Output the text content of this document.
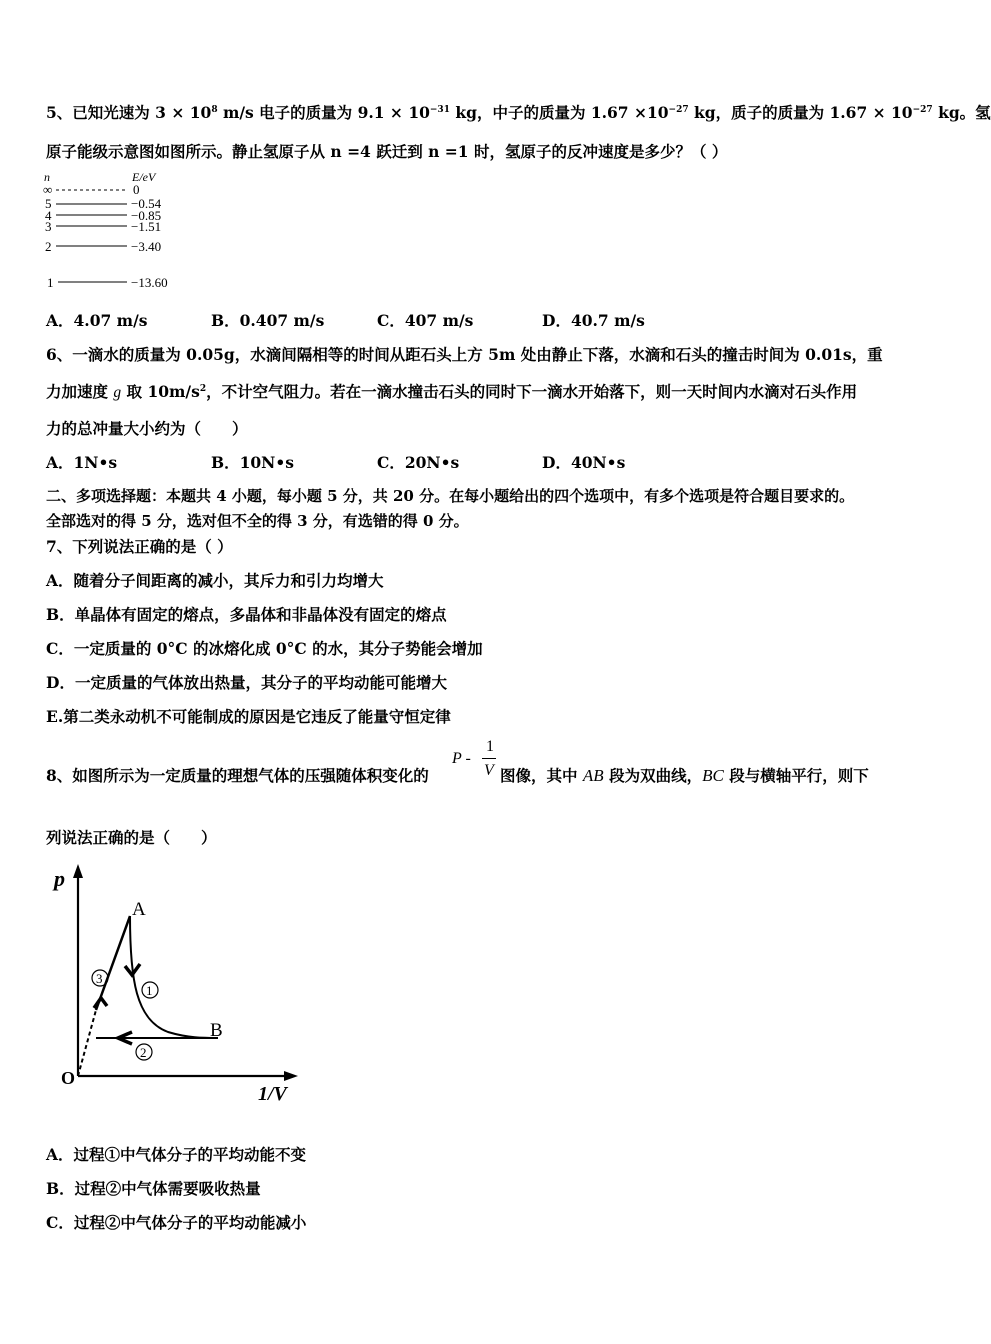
5、已知光速为 $3 \times 10^8$ m/s 电子的质量为 $9.1 \times 10^{-31}$ kg，中子的质量为 $1.67 \times 10^{-27}$ kg，质子的质量为 $1.67 \times 10^{-27}$ kg。氢
原子能级示意图如图所示。静止氢原子从 n =4 跃迁到 n =1 时，氢原子的反冲速度是多少？（ ）
n	E/eV
∞	0
5	−0.54
4	−0.85
3	−1.51
2	−3.40
1	−13.60
A．4.07 m/s	B．0.407 m/s	C．407 m/s	D．40.7 m/s
6、一滴水的质量为 0.05g，水滴间隔相等的时间从距石头上方 5m 处由静止下落，水滴和石头的撞击时间为 0.01s，重
力加速度 g 取 $10m/s^2$，不计空气阻力。若在一滴水撞击石头的同时下一滴水开始落下，则一天时间内水滴对石头作用
力的总冲量大小约为（　　）
A．1N•s	B．10N•s	C．20N•s	D．40N•s
二、多项选择题：本题共 4 小题，每小题 5 分，共 20 分。在每小题给出的四个选项中，有多个选项是符合题目要求的。
全部选对的得 5 分，选对但不全的得 3 分，有选错的得 0 分。
7、下列说法正确的是（ ）
A．随着分子间距离的减小，其斥力和引力均增大
B．单晶体有固定的熔点，多晶体和非晶体没有固定的熔点
C．一定质量的 0°C 的冰熔化成 0°C 的水，其分子势能会增加
D．一定质量的气体放出热量，其分子的平均动能可能增大
E.第二类永动机不可能制成的原因是它违反了能量守恒定律
8、如图所示为一定质量的理想气体的压强随体积变化的
P -
1
V 图像，其中 AB 段为双曲线，BC 段与横轴平行，则下
列说法正确的是（　　）
p
1/V
O
A
B
1
2
3
A．过程①中气体分子的平均动能不变
B．过程②中气体需要吸收热量
C．过程②中气体分子的平均动能减小
